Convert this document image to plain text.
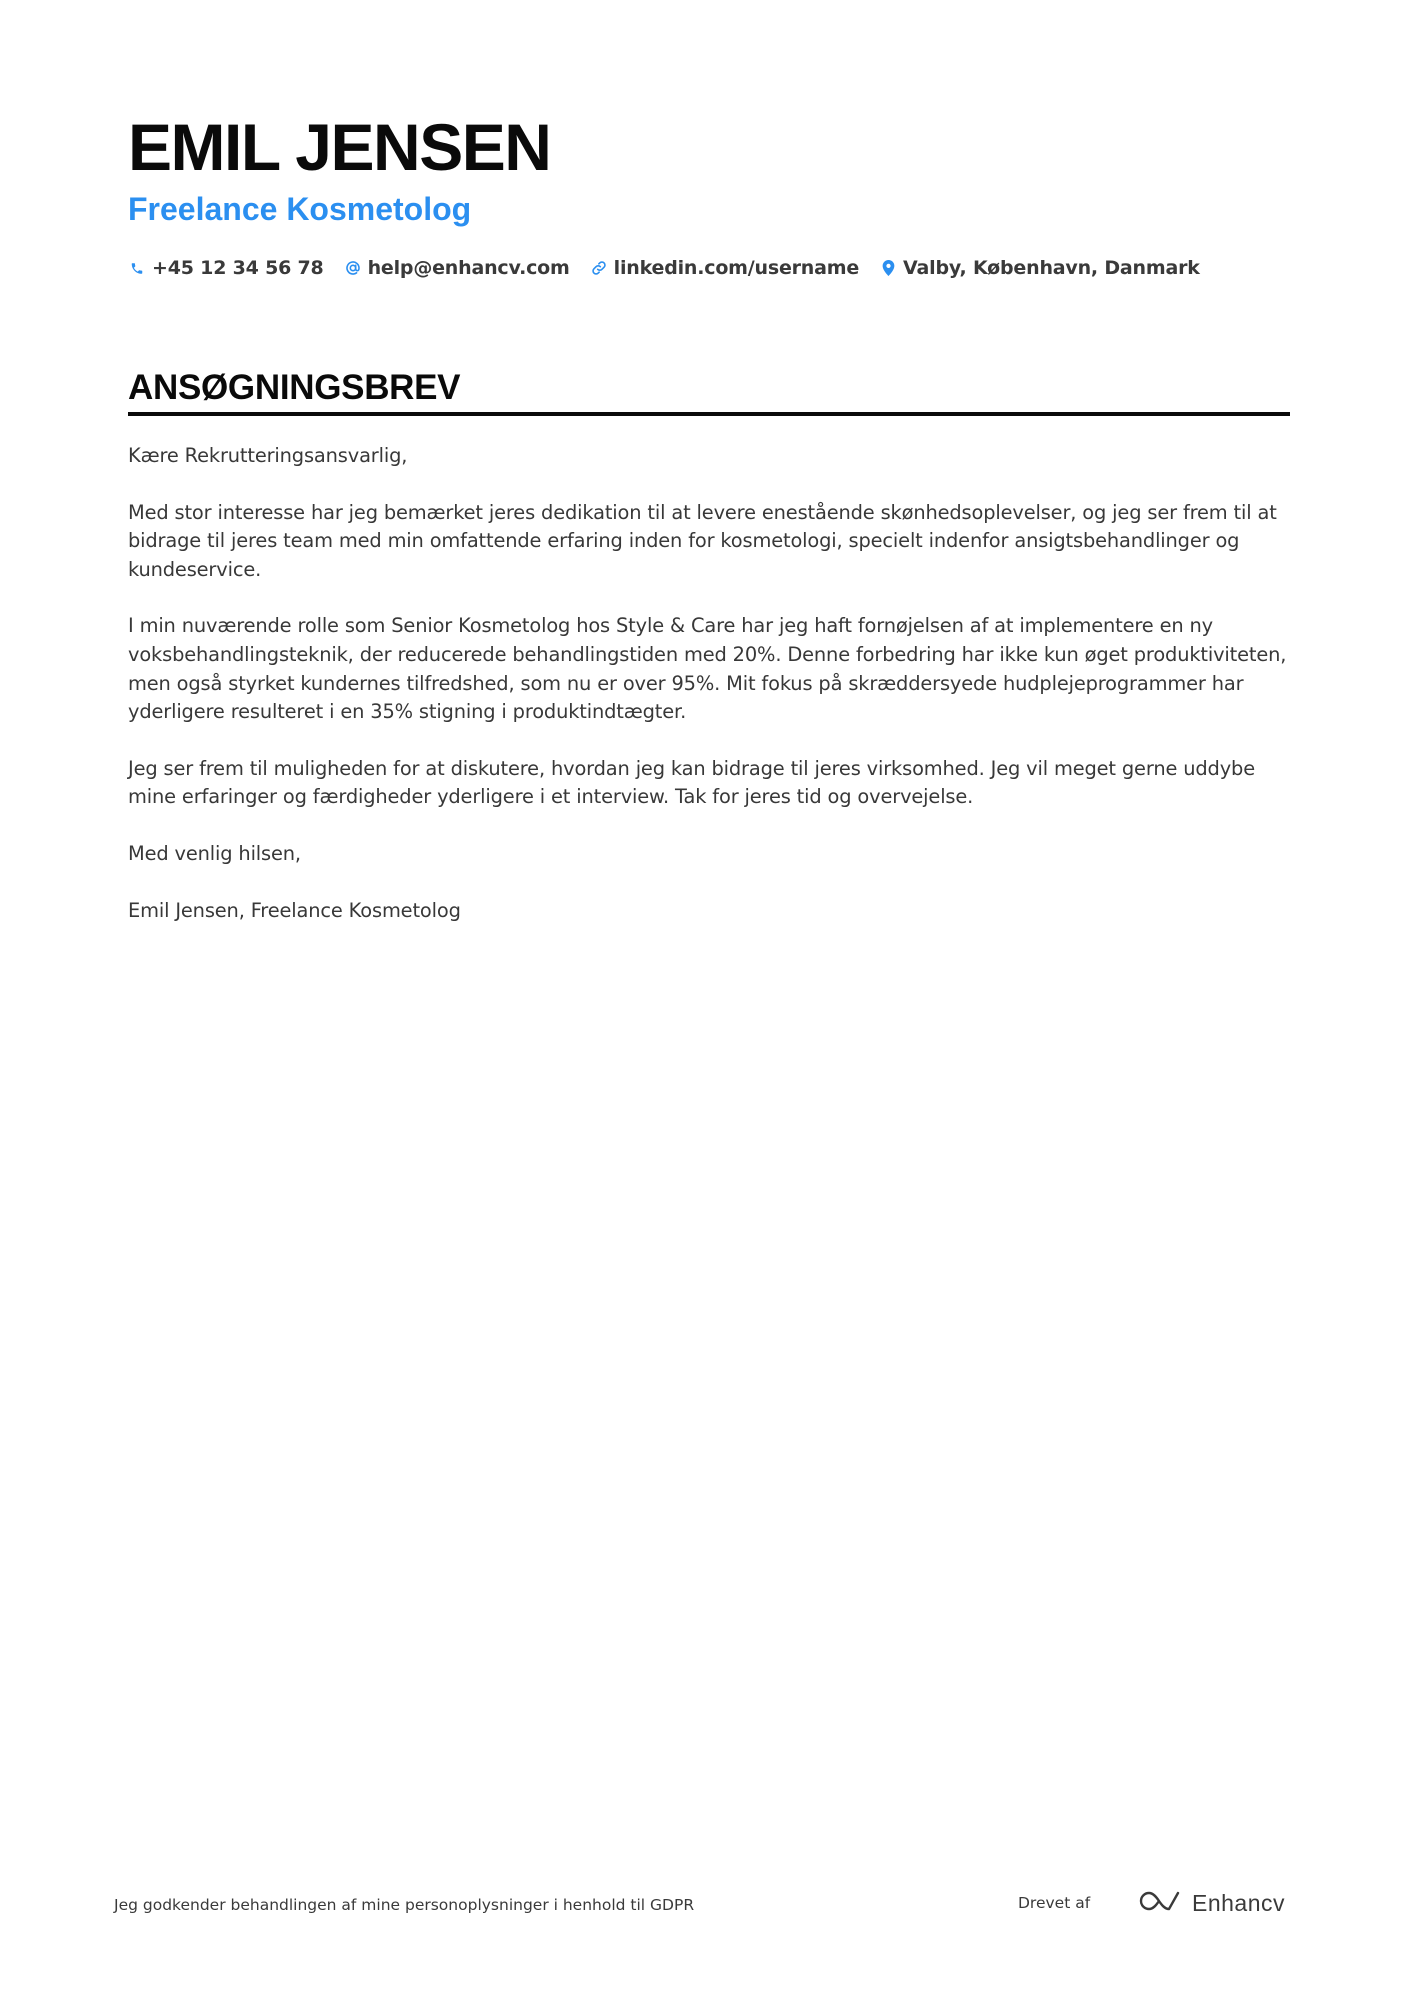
EMIL JENSEN
Freelance Kosmetolog
+45 12 34 56 78 help@enhancv.com linkedin.com/username Valby, København, Danmark
ANSØGNINGSBREV

Kære Rekrutteringsansvarlig,

Med stor interesse har jeg bemærket jeres dedikation til at levere enestående skønhedsoplevelser, og jeg ser frem til at bidrage til jeres team med min omfattende erfaring inden for kosmetologi, specielt indenfor ansigtsbehandlinger og kundeservice.

I min nuværende rolle som Senior Kosmetolog hos Style & Care har jeg haft fornøjelsen af at implementere en ny voksbehandlingsteknik, der reducerede behandlingstiden med 20%. Denne forbedring har ikke kun øget produktiviteten, men også styrket kundernes tilfredshed, som nu er over 95%. Mit fokus på skræddersyede hudplejeprogrammer har yderligere resulteret i en 35% stigning i produktindtægter.

Jeg ser frem til muligheden for at diskutere, hvordan jeg kan bidrage til jeres virksomhed. Jeg vil meget gerne uddybe mine erfaringer og færdigheder yderligere i et interview. Tak for jeres tid og overvejelse.

Med venlig hilsen,

Emil Jensen, Freelance Kosmetolog

Jeg godkender behandlingen af mine personoplysninger i henhold til GDPR	Drevet af	Enhancv
